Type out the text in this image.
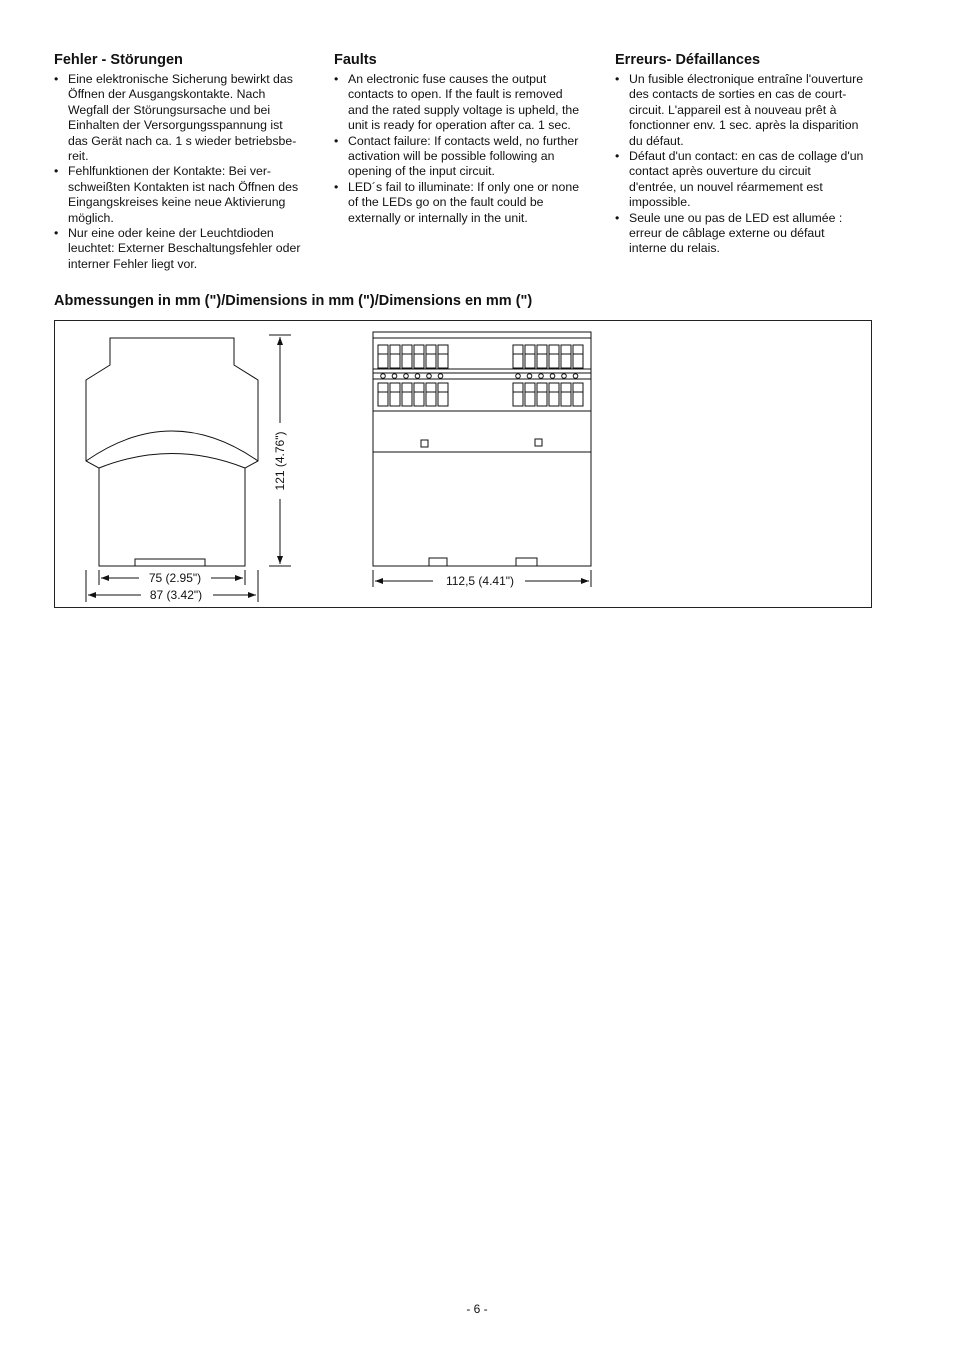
Fehler - Störungen
• Eine elektronische Sicherung bewirkt das
Öffnen der Ausgangskontakte. Nach
Wegfall der Störungsursache und bei
Einhalten der Versorgungsspannung ist
das Gerät nach ca. 1 s wieder betriebsbe-
reit.
• Fehlfunktionen der Kontakte: Bei ver-
schweißten Kontakten ist nach Öffnen des
Eingangskreises keine neue Aktivierung
möglich.
• Nur eine oder keine der Leuchtdioden
leuchtet: Externer Beschaltungsfehler oder
interner Fehler liegt vor.
Faults
• An electronic fuse causes the output
contacts to open. If the fault is removed
and the rated supply voltage is upheld, the
unit is ready for operation after ca. 1 sec.
• Contact failure: If contacts weld, no further
activation will be possible following an
opening of the input circuit.
• LED´s fail to illuminate: If only one or none
of the LEDs go on the fault could be
externally or internally in the unit.
Erreurs- Défaillances
• Un fusible électronique entraîne l'ouverture
des contacts de sorties en cas de court-
circuit. L'appareil est à nouveau prêt à
fonctionner env. 1 sec. après la disparition
du défaut.
• Défaut d'un contact: en cas de collage d'un
contact après ouverture du circuit
d'entrée, un nouvel réarmement est
impossible.
• Seule une ou pas de LED est allumée :
erreur de câblage externe ou défaut
interne du relais.
Abmessungen in mm (")/Dimensions in mm (")/Dimensions en mm (")
121 (4.76")
75 (2.95")
87 (3.42")
112,5 (4.41")
- 6 -
